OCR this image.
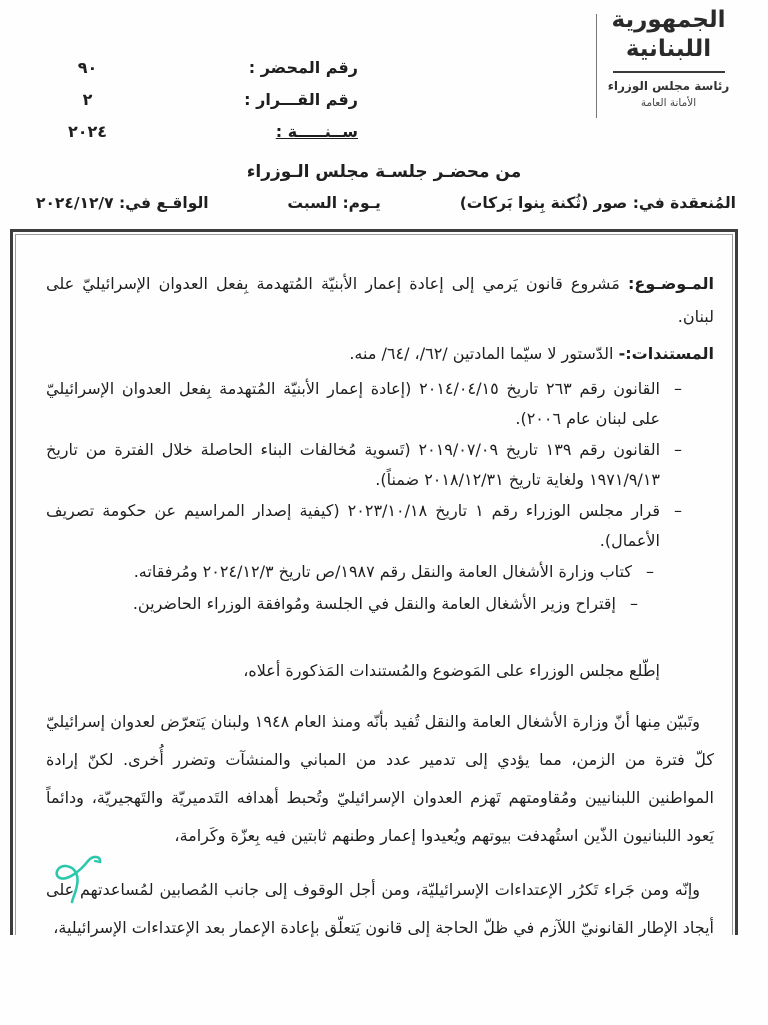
الجمهورية
اللبنانية
رئاسة مجلس الوزراء
الأمانة العامة
رقم المحضر :
٩٠
رقم القـــرار :
٢
ســنـــــة :
٢٠٢٤
من محضـر جلسـة مجلس الـوزراء
المُنعقدة في: صور (ثُكنة بِنوا بَركات)
يـوم: السبت
الواقـع في: ٢٠٢٤/١٢/٧

المـوضـوع: مَشروع قانون يَرمي إلى إعادة إعمار الأبنيّة المُتهدمة بِفعل العدوان الإسرائيليّ على لبنان.

المستندات:- الدّستور لا سيّما المادتين /٦٢/، /٦٤/ منه.

–
القانون رقم ٢٦٣ تاريخ ٢٠١٤/٠٤/١٥ (إعادة إعمار الأبنيّة المُتهدمة بِفعل العدوان الإسرائيليّ على لبنان عام ٢٠٠٦).
–
القانون رقم ١٣٩ تاريخ ٢٠١٩/٠٧/٠٩ (تَسوية مُخالفات البناء الحاصلة خلال الفترة من تاريخ ١٩٧١/٩/١٣ ولغاية تاريخ ٢٠١٨/١٢/٣١ ضمناً).
–
قرار مجلس الوزراء رقم ١ تاريخ ٢٠٢٣/١٠/١٨ (كيفية إصدار المراسيم عن حكومة تصريف الأعمال).
–
كتاب وزارة الأشغال العامة والنقل رقم ١٩٨٧/ص تاريخ ٢٠٢٤/١٢/٣ ومُرفقاته.
–
إقتراح وزير الأشغال العامة والنقل في الجلسة ومُوافقة الوزراء الحاضرين.

إطّلع مجلس الوزراء على المَوضوع والمُستندات المَذكورة أعلاه،

وتَبيّن مِنها أنّ وزارة الأشغال العامة والنقل تُفيد بأنّه ومنذ العام ١٩٤٨ ولبنان يَتعرّض لعدوان إسرائيليّ كلّ فترة من الزمن، مما يؤدي إلى تدمير عدد من المباني والمنشآت وتضرر أُخرى. لكنّ إرادة المواطنين اللبنانيين ومُقاومتهم تَهزم العدوان الإسرائيليّ وتُحبط أهدافه التَدميريّة والتَهجيريّة، ودائماً يَعود اللبنانيون الذّين استُهدفت بيوتهم ويُعيدوا إعمار وطنهم ثابتين فيه بِعزّة وكَرامة،

وإنّه ومن جَراء تَكرُر الإعتداءات الإسرائيليّة، ومن أجل الوقوف إلى جانب المُصابين لمُساعدتهم على أيجاد الإطار القانونيّ اللآزم في ظلّ الحاجة إلى قانون يَتعلّق بإعادة الإعمار بعد الإعتداءات الإسرائيلية،
